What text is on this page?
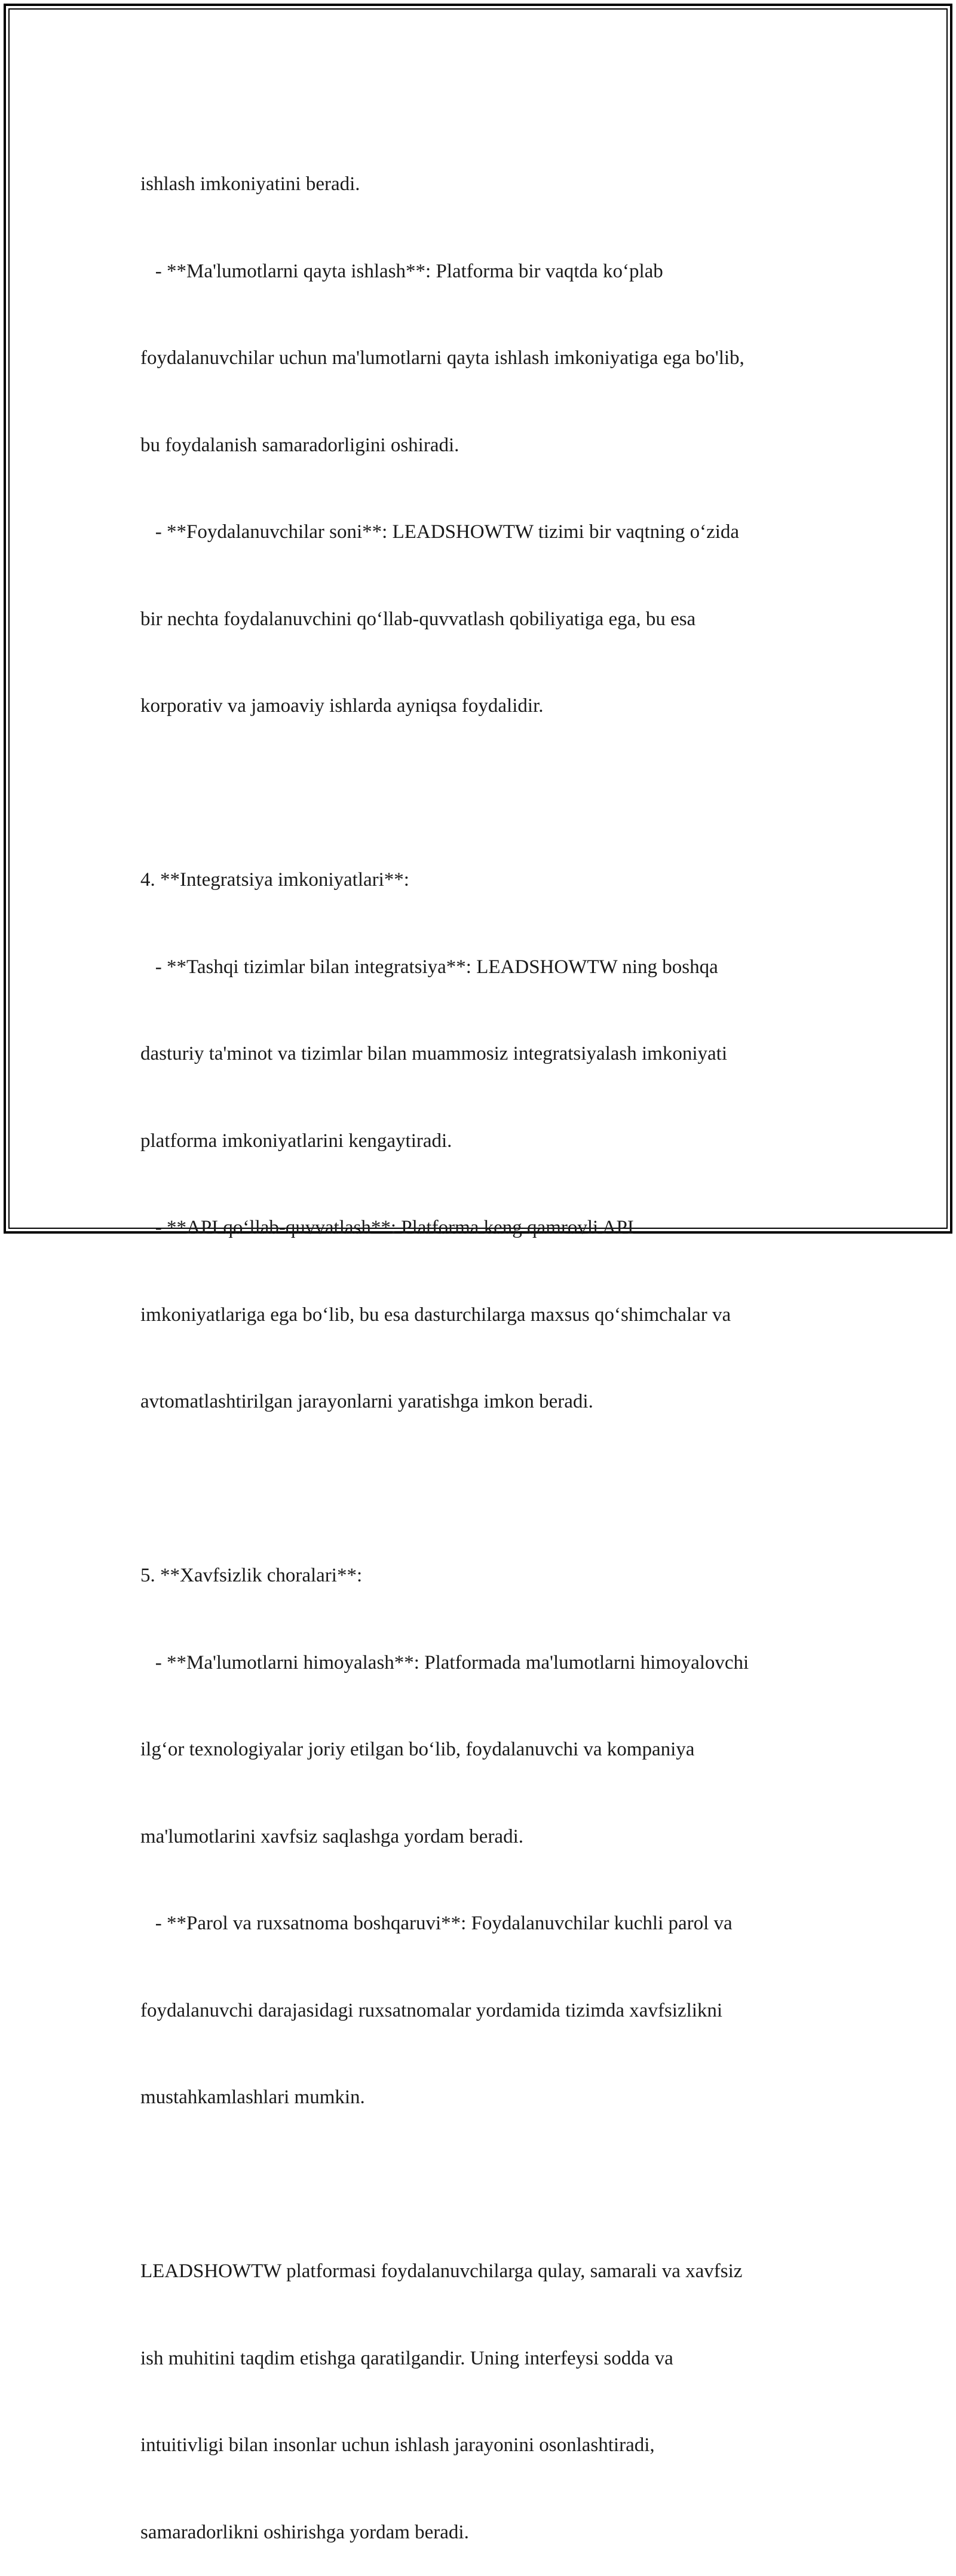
ishlash imkoniyatini beradi.

- **Ma'lumotlarni qayta ishlash**: Platforma bir vaqtda ko‘plab

foydalanuvchilar uchun ma'lumotlarni qayta ishlash imkoniyatiga ega bo'lib,

bu foydalanish samaradorligini oshiradi.

- **Foydalanuvchilar soni**: LEADSHOWTW tizimi bir vaqtning o‘zida

bir nechta foydalanuvchini qo‘llab-quvvatlash qobiliyatiga ega, bu esa

korporativ va jamoaviy ishlarda ayniqsa foydalidir.

4. **Integratsiya imkoniyatlari**:

- **Tashqi tizimlar bilan integratsiya**: LEADSHOWTW ning boshqa

dasturiy ta'minot va tizimlar bilan muammosiz integratsiyalash imkoniyati

platforma imkoniyatlarini kengaytiradi.

- **API qo‘llab-quvvatlash**: Platforma keng qamrovli API

imkoniyatlariga ega bo‘lib, bu esa dasturchilarga maxsus qo‘shimchalar va

avtomatlashtirilgan jarayonlarni yaratishga imkon beradi.

5. **Xavfsizlik choralari**:

- **Ma'lumotlarni himoyalash**: Platformada ma'lumotlarni himoyalovchi

ilg‘or texnologiyalar joriy etilgan bo‘lib, foydalanuvchi va kompaniya

ma'lumotlarini xavfsiz saqlashga yordam beradi.

- **Parol va ruxsatnoma boshqaruvi**: Foydalanuvchilar kuchli parol va

foydalanuvchi darajasidagi ruxsatnomalar yordamida tizimda xavfsizlikni

mustahkamlashlari mumkin.

LEADSHOWTW platformasi foydalanuvchilarga qulay, samarali va xavfsiz

ish muhitini taqdim etishga qaratilgandir. Uning interfeysi sodda va

intuitivligi bilan insonlar uchun ishlash jarayonini osonlashtiradi,

samaradorlikni oshirishga yordam beradi.
